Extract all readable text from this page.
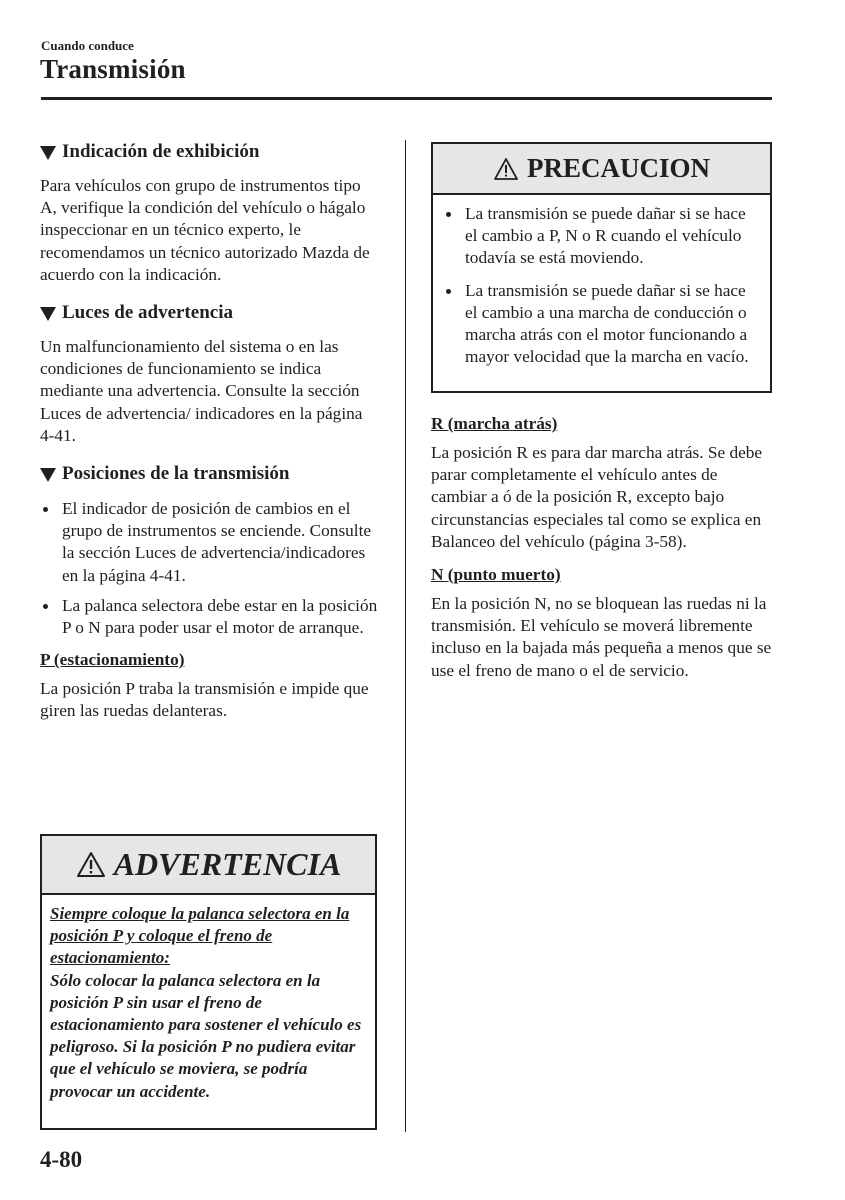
Cuando conduce
Transmisión
Indicación de exhibición

Para vehículos con grupo de instrumentos tipo A, verifique la condición del vehículo o hágalo inspeccionar en un técnico experto, le recomendamos un técnico autorizado Mazda de acuerdo con la indicación.

Luces de advertencia

Un malfuncionamiento del sistema o en las condiciones de funcionamiento se indica mediante una advertencia. Consulte la sección Luces de advertencia/ indicadores en la página 4-41.

Posiciones de la transmisión
El indicador de posición de cambios en el grupo de instrumentos se enciende. Consulte la sección Luces de advertencia/indicadores en la página 4-41.
La palanca selectora debe estar en la posición P o N para poder usar el motor de arranque.
P (estacionamiento)

La posición P traba la transmisión e impide que giren las ruedas delanteras.

ADVERTENCIA
Siempre coloque la palanca selectora en la posición P y coloque el freno de estacionamiento:
Sólo colocar la palanca selectora en la posición P sin usar el freno de estacionamiento para sostener el vehículo es peligroso. Si la posición P no pudiera evitar que el vehículo se moviera, se podría provocar un accidente.
PRECAUCION
La transmisión se puede dañar si se hace el cambio a P, N o R cuando el vehículo todavía se está moviendo.
La transmisión se puede dañar si se hace el cambio a una marcha de conducción o marcha atrás con el motor funcionando a mayor velocidad que la marcha en vacío.
R (marcha atrás)

La posición R es para dar marcha atrás. Se debe parar completamente el vehículo antes de cambiar a ó de la posición R, excepto bajo circunstancias especiales tal como se explica en Balanceo del vehículo (página 3-58).

N (punto muerto)

En la posición N, no se bloquean las ruedas ni la transmisión. El vehículo se moverá libremente incluso en la bajada más pequeña a menos que se use el freno de mano o el de servicio.

4-80
